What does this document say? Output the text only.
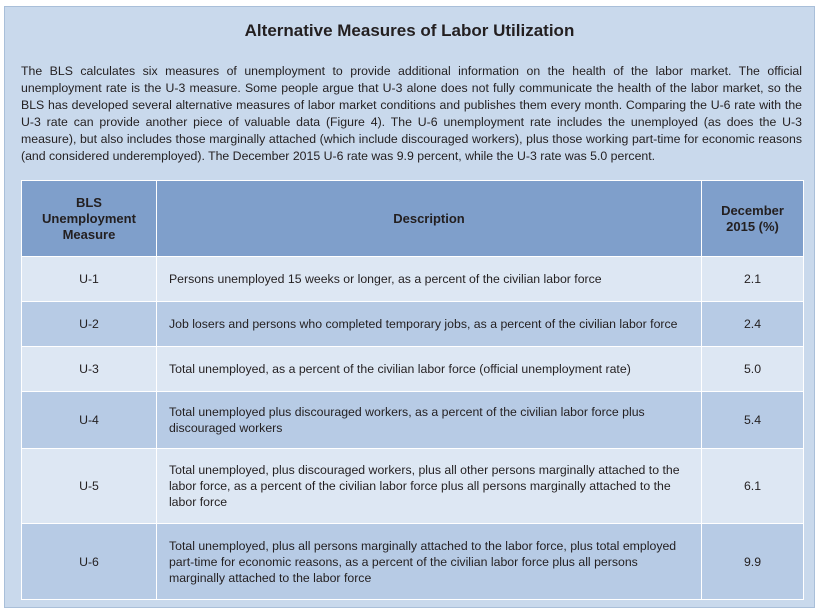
Alternative Measures of Labor Utilization

The BLS calculates six measures of unemployment to provide additional information on the health of the labor market. The official unemployment rate is the U-3 measure. Some people argue that U-3 alone does not fully communicate the health of the labor market, so the BLS has developed several alternative measures of labor market conditions and publishes them every month. Comparing the U-6 rate with the U-3 rate can provide another piece of valuable data (Figure 4). The U-6 unemployment rate includes the unemployed (as does the U-3 measure), but also includes those marginally attached (which include discouraged workers), plus those working part-time for economic reasons (and considered underemployed). The December 2015 U-6 rate was 9.9 percent, while the U-3 rate was 5.0 percent.

BLS Unemployment Measure	Description	December 2015 (%)
U-1	Persons unemployed 15 weeks or longer, as a percent of the civilian labor force	2.1
U-2	Job losers and persons who completed temporary jobs, as a percent of the civilian labor force	2.4
U-3	Total unemployed, as a percent of the civilian labor force (official unemployment rate)	5.0
U-4	Total unemployed plus discouraged workers, as a percent of the civilian labor force plus discouraged workers	5.4
U-5	Total unemployed, plus discouraged workers, plus all other persons marginally attached to the labor force, as a percent of the civilian labor force plus all persons marginally attached to the labor force	6.1
U-6	Total unemployed, plus all persons marginally attached to the labor force, plus total employed part-time for economic reasons, as a percent of the civilian labor force plus all persons marginally attached to the labor force	9.9
